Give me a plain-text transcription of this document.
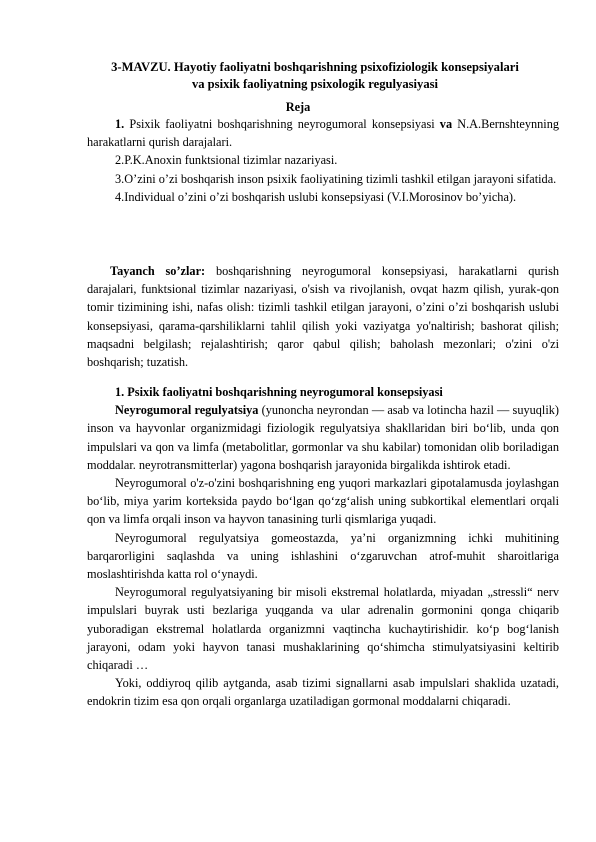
3-MAVZU. Hayotiy faoliyatni boshqarishning psixofiziologik konsepsiyalari
va psixik faoliyatning psixologik regulyasiyasi
Reja

1. Psixik faoliyatni boshqarishning neyrogumoral konsepsiyasi va N.A.Bernshteynning harakatlarni qurish darajalari.

2.P.K.Anoxin funktsional tizimlar nazariyasi.

3.O’zini o’zi boshqarish inson psixik faoliyatining tizimli tashkil etilgan jarayoni sifatida.

4.Individual o’zini o’zi boshqarish uslubi konsepsiyasi (V.I.Morosinov bo’yicha).

Tayanch so’zlar: boshqarishning neyrogumoral konsepsiyasi, harakatlarni qurish darajalari, funktsional tizimlar nazariyasi, o'sish va rivojlanish, ovqat hazm qilish, yurak-qon tomir tizimining ishi, nafas olish: tizimli tashkil etilgan jarayoni, o’zini o’zi boshqarish uslubi konsepsiyasi, qarama-qarshiliklarni tahlil qilish yoki vaziyatga yo'naltirish; bashorat qilish; maqsadni belgilash; rejalashtirish; qaror qabul qilish; baholash mezonlari; o'zini o'zi boshqarish; tuzatish.

1. Psixik faoliyatni boshqarishning neyrogumoral konsepsiyasi

Neyrogumoral regulyatsiya (yunoncha neyrondan — asab va lotincha hazil — suyuqlik) inson va hayvonlar organizmidagi fiziologik regulyatsiya shakllaridan biri bo‘lib, unda qon impulslari va qon va limfa (metabolitlar, gormonlar va shu kabilar) tomonidan olib boriladigan moddalar. neyrotransmitterlar) yagona boshqarish jarayonida birgalikda ishtirok etadi.

Neyrogumoral o'z-o'zini boshqarishning eng yuqori markazlari gipotalamusda joylashgan bo‘lib, miya yarim korteksida paydo bo‘lgan qo‘zg‘alish uning subkortikal elementlari orqali qon va limfa orqali inson va hayvon tanasining turli qismlariga yuqadi.

Neyrogumoral regulyatsiya gomeostazda, ya’ni organizmning ichki muhitining barqarorligini saqlashda va uning ishlashini o‘zgaruvchan atrof-muhit sharoitlariga moslashtirishda katta rol o‘ynaydi.

Neyrogumoral regulyatsiyaning bir misoli ekstremal holatlarda, miyadan „stressli“ nerv impulslari buyrak usti bezlariga yuqganda va ular adrenalin gormonini qonga chiqarib yuboradigan ekstremal holatlarda organizmni vaqtincha kuchaytirishidir. ko‘p bog‘lanish jarayoni, odam yoki hayvon tanasi mushaklarining qo‘shimcha stimulyatsiyasini keltirib chiqaradi …

Yoki, oddiyroq qilib aytganda, asab tizimi signallarni asab impulslari shaklida uzatadi, endokrin tizim esa qon orqali organlarga uzatiladigan gormonal moddalarni chiqaradi.
